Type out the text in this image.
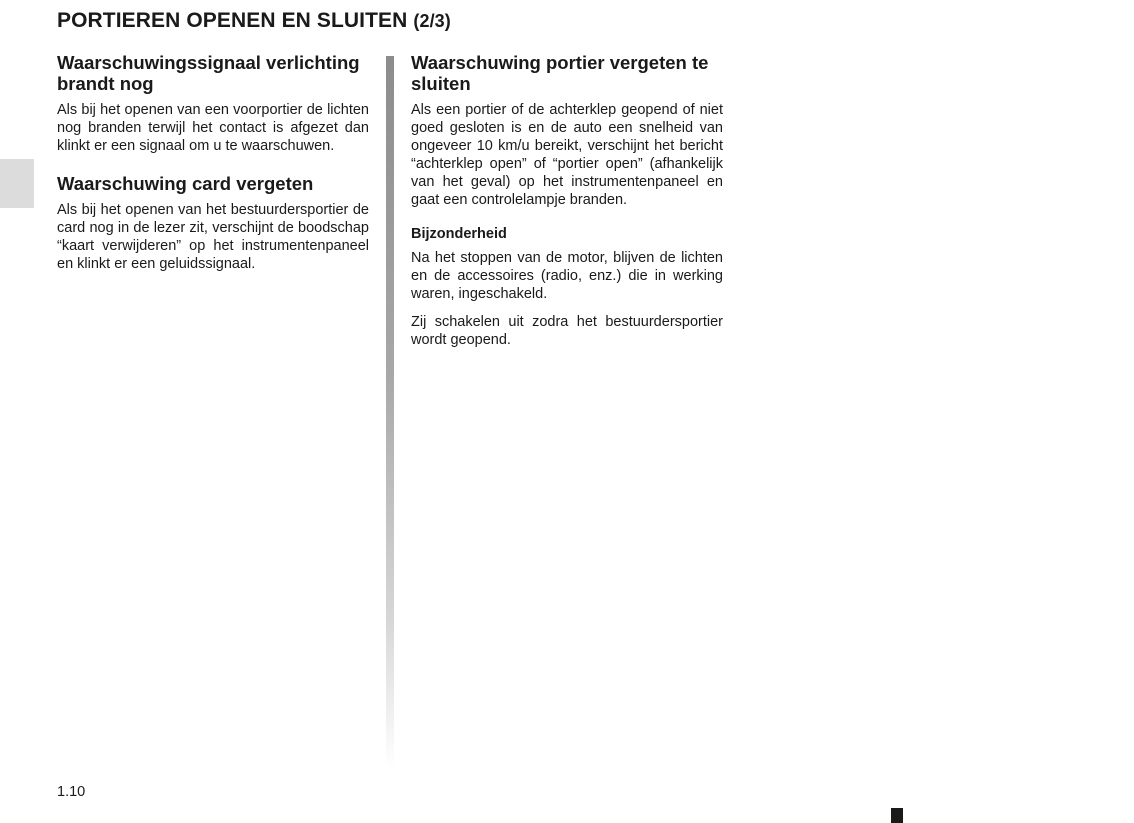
PORTIEREN OPENEN EN SLUITEN (2/3)
Waarschuwingssignaal verlichting brandt nog

Als bij het openen van een voorportier de lichten nog branden terwijl het contact is afgezet dan klinkt er een signaal om u te waarschuwen.

Waarschuwing card vergeten

Als bij het openen van het bestuurdersportier de card nog in de lezer zit, verschijnt de boodschap “kaart verwijderen” op het instrumentenpaneel en klinkt er een geluidssignaal.

Waarschuwing portier vergeten te sluiten

Als een portier of de achterklep geopend of niet goed gesloten is en de auto een snelheid van ongeveer 10 km/u bereikt, verschijnt het bericht “achterklep open” of “portier open” (afhankelijk van het geval) op het instrumentenpaneel en gaat een controlelampje branden.

Bijzonderheid

Na het stoppen van de motor, blijven de lichten en de accessoires (radio, enz.) die in werking waren, ingeschakeld.

Zij schakelen uit zodra het bestuurdersportier wordt geopend.

1.10
